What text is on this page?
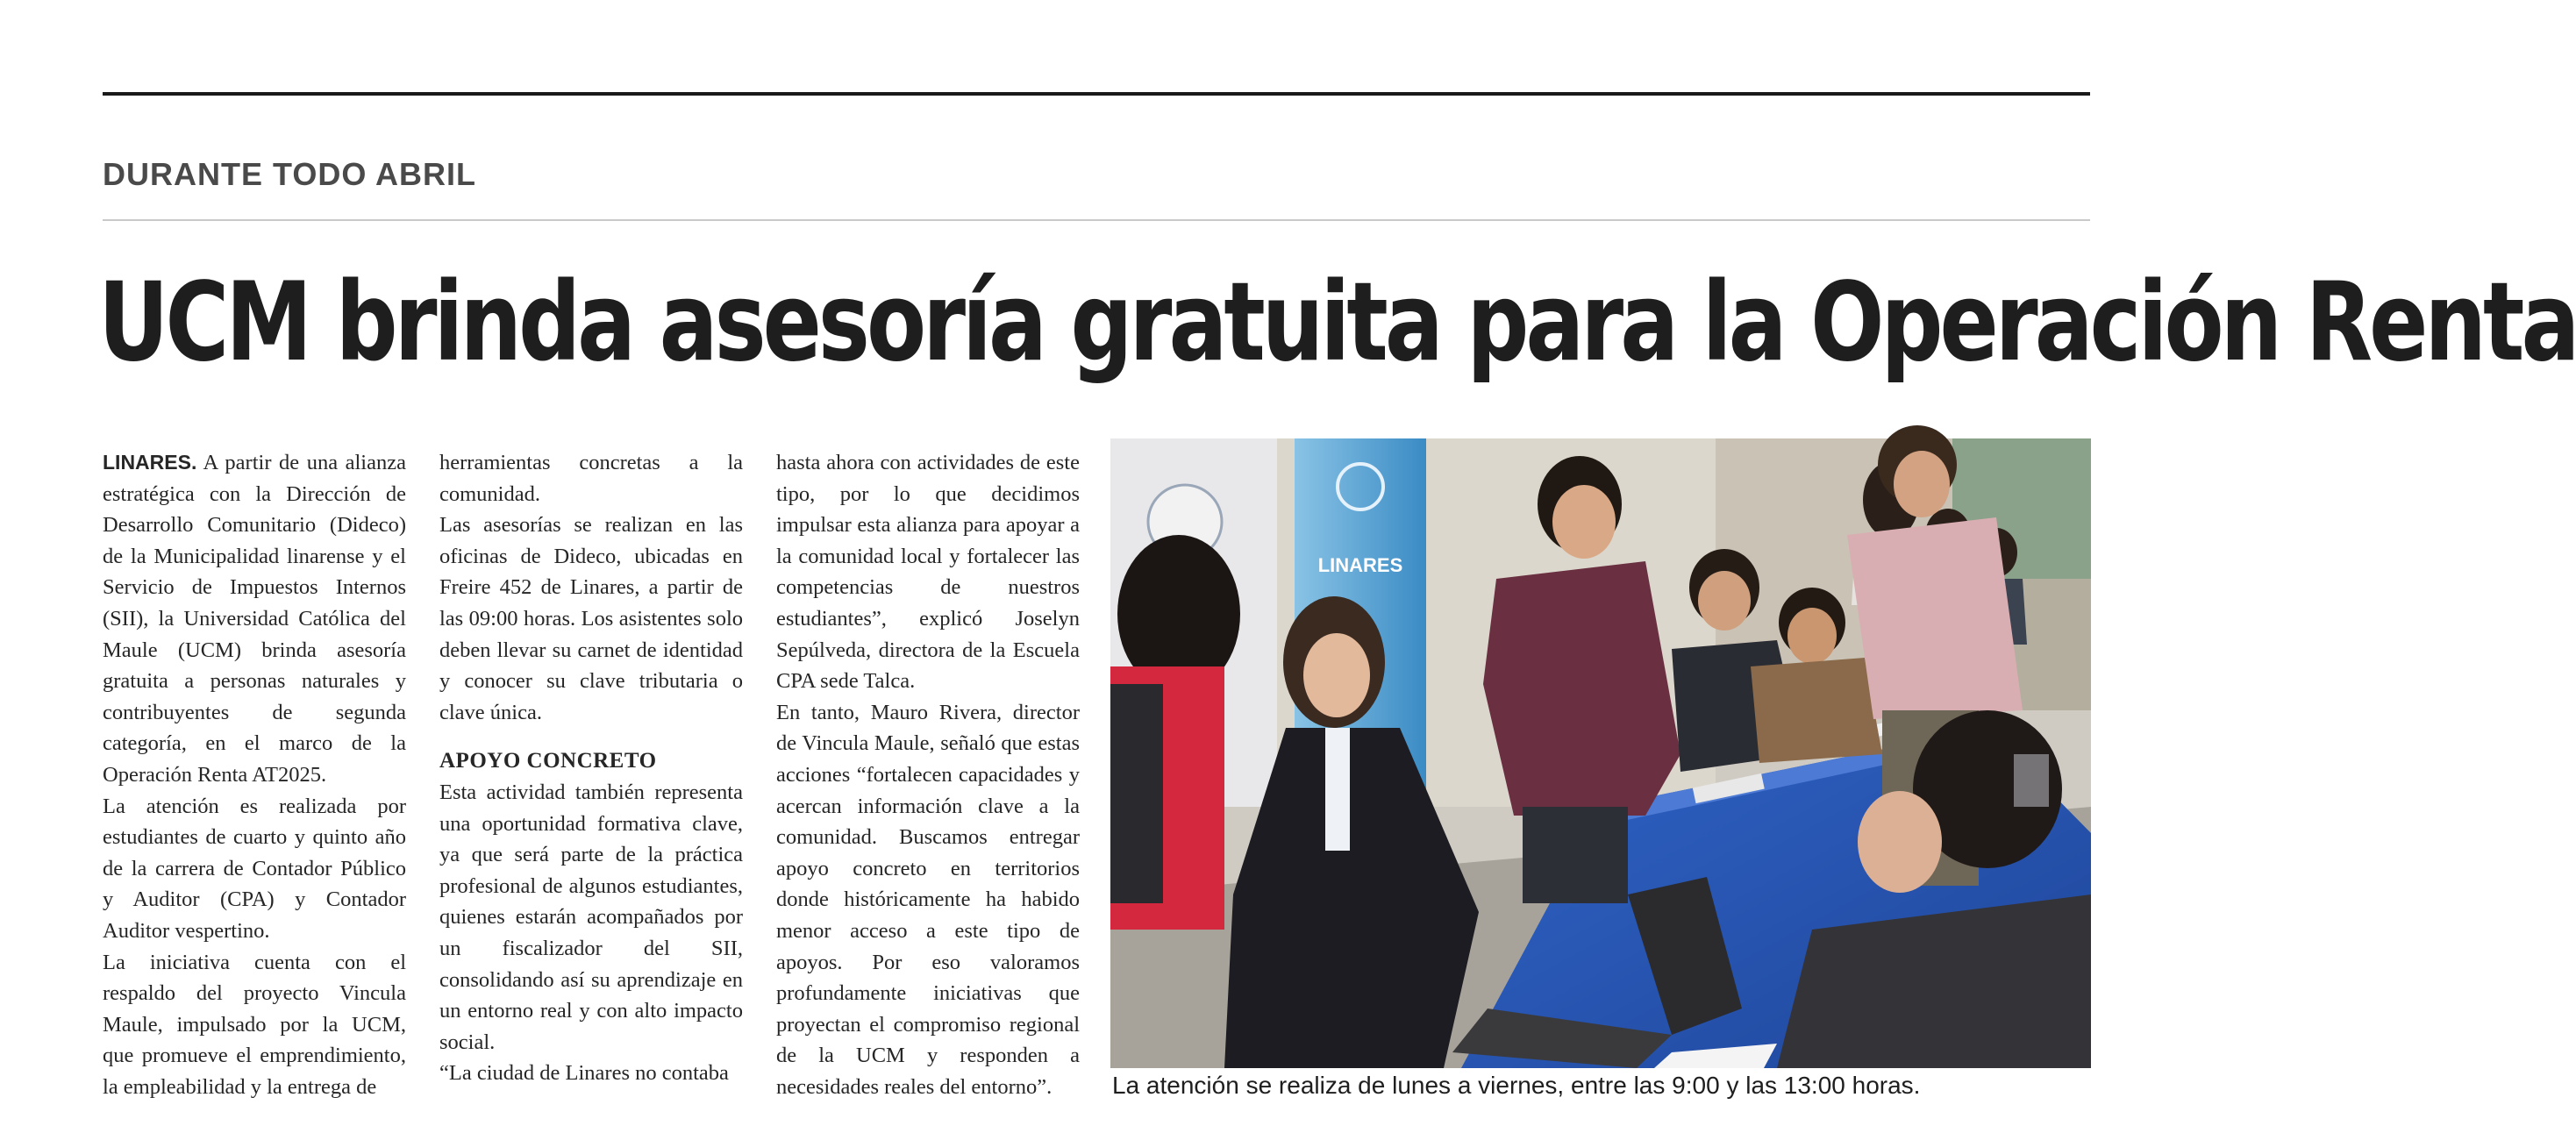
DURANTE TODO ABRIL
UCM brinda asesoría gratuita para la Operación Renta

LINARES. A partir de una alianza estratégica con la Dirección de Desarrollo Comunitario (Dideco) de la Municipalidad linarense y el Servicio de Impuestos Internos (SII), la Universidad Católica del Maule (UCM) brinda asesoría gratuita a personas naturales y contribuyentes de segunda categoría, en el marco de la Operación Renta AT2025.

La atención es realizada por estudiantes de cuarto y quinto año de la carrera de Contador Público y Auditor (CPA) y Contador Auditor vespertino.

La iniciativa cuenta con el respaldo del proyecto Vincula Maule, impulsado por la UCM, que promueve el emprendimiento, la empleabilidad y la entrega de

herramientas concretas a la comunidad.

Las asesorías se realizan en las oficinas de Dideco, ubicadas en Freire 452 de Linares, a partir de las 09:00 horas. Los asistentes solo deben llevar su carnet de identidad y conocer su clave tributaria o clave única.

APOYO CONCRETO

Esta actividad también representa una oportunidad formativa clave, ya que será parte de la práctica profesional de algunos estudiantes, quienes estarán acompañados por un fiscalizador del SII, consolidando así su aprendizaje en un entorno real y con alto impacto social.

“La ciudad de Linares no contaba

hasta ahora con actividades de este tipo, por lo que decidimos impulsar esta alianza para apoyar a la comunidad local y fortalecer las competencias de nuestros estudiantes”, explicó Joselyn Sepúlveda, directora de la Escuela CPA sede Talca.

En tanto, Mauro Rivera, director de Vincula Maule, señaló que estas acciones “fortalecen capacidades y acercan información clave a la comunidad. Buscamos entregar apoyo concreto en territorios donde históricamente ha habido menor acceso a este tipo de apoyos. Por eso valoramos profundamente iniciativas que proyectan el compromiso regional de la UCM y responden a necesidades reales del entorno”.

LINARES
La atención se realiza de lunes a viernes, entre las 9:00 y las 13:00 horas.
